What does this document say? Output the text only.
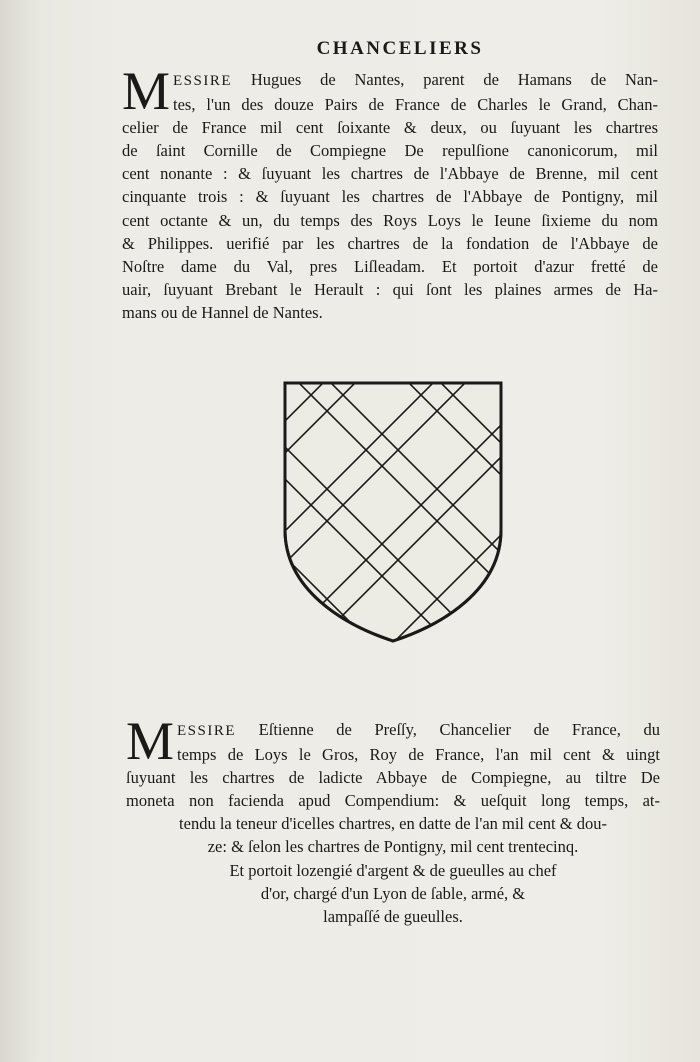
CHANCELIERS
M ESSIRE Hugues de Nantes, parent de Hamans de Nan-
tes, l'un des douze Pairs de France de Charles le Grand, Chan-
celier de France mil cent ſoixante & deux, ou ſuyuant les chartres
de ſaint Cornille de Compiegne De repulſione canonicorum, mil
cent nonante : & ſuyuant les chartres de l'Abbaye de Brenne, mil cent
cinquante trois : & ſuyuant les chartres de l'Abbaye de Pontigny, mil
cent octante & un, du temps des Roys Loys le Ieune ſixieme du nom
& Philippes. uerifié par les chartres de la fondation de l'Abbaye de
Noſtre dame du Val, pres Liſleadam. Et portoit d'azur fretté de
uair, ſuyuant Brebant le Herault : qui ſont les plaines armes de Ha-
mans ou de Hannel de Nantes.
M ESSIRE Eſtienne de Preſſy, Chancelier de France, du
temps de Loys le Gros, Roy de France, l'an mil cent & uingt
ſuyuant les chartres de ladicte Abbaye de Compiegne, au tiltre De
moneta non facienda apud Compendium: & ueſquit long temps, at-
tendu la teneur d'icelles chartres, en datte de l'an mil cent & dou-
ze: & ſelon les chartres de Pontigny, mil cent trentecinq.
Et portoit lozengié d'argent & de gueulles au chef
d'or, chargé d'un Lyon de ſable, armé, &
lampaſſé de gueulles.
